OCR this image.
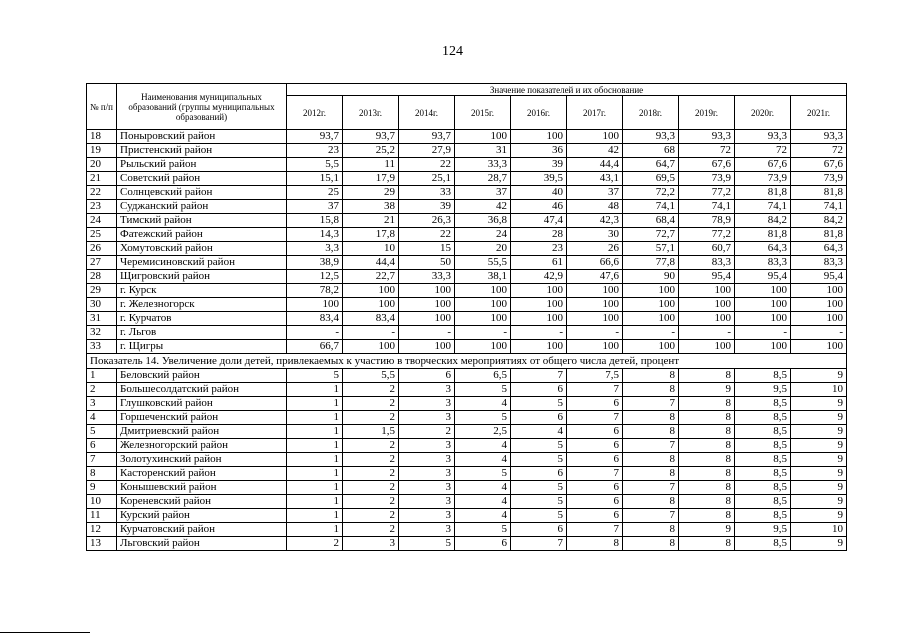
124
№ п/п	Наименования муниципальных образований (группы муниципальных образований)	Значение показателей и их обоснование									
		2012г.	2013г.	2014г.	2015г.	2016г.	2017г.	2018г.	2019г.	2020г.	2021г.
18	Поныровский район	93,7	93,7	93,7	100	100	100	93,3	93,3	93,3	93,3
19	Пристенский район	23	25,2	27,9	31	36	42	68	72	72	72
20	Рыльский район	5,5	11	22	33,3	39	44,4	64,7	67,6	67,6	67,6
21	Советский район	15,1	17,9	25,1	28,7	39,5	43,1	69,5	73,9	73,9	73,9
22	Солнцевский район	25	29	33	37	40	37	72,2	77,2	81,8	81,8
23	Суджанский район	37	38	39	42	46	48	74,1	74,1	74,1	74,1
24	Тимский район	15,8	21	26,3	36,8	47,4	42,3	68,4	78,9	84,2	84,2
25	Фатежский район	14,3	17,8	22	24	28	30	72,7	77,2	81,8	81,8
26	Хомутовский район	3,3	10	15	20	23	26	57,1	60,7	64,3	64,3
27	Черемисиновский район	38,9	44,4	50	55,5	61	66,6	77,8	83,3	83,3	83,3
28	Щигровский район	12,5	22,7	33,3	38,1	42,9	47,6	90	95,4	95,4	95,4
29	г. Курск	78,2	100	100	100	100	100	100	100	100	100
30	г. Железногорск	100	100	100	100	100	100	100	100	100	100
31	г. Курчатов	83,4	83,4	100	100	100	100	100	100	100	100
32	г. Льгов	-	-	-	-	-	-	-	-	-	-
33	г. Щигры	66,7	100	100	100	100	100	100	100	100	100
Показатель 14. Увеличение доли детей, привлекаемых к участию в творческих мероприятиях от общего числа детей, процент											
1	Беловский район	5	5,5	6	6,5	7	7,5	8	8	8,5	9
2	Большесолдатский район	1	2	3	5	6	7	8	9	9,5	10
3	Глушковский район	1	2	3	4	5	6	7	8	8,5	9
4	Горшеченский район	1	2	3	5	6	7	8	8	8,5	9
5	Дмитриевский район	1	1,5	2	2,5	4	6	8	8	8,5	9
6	Железногорский район	1	2	3	4	5	6	7	8	8,5	9
7	Золотухинский район	1	2	3	4	5	6	8	8	8,5	9
8	Касторенский район	1	2	3	5	6	7	8	8	8,5	9
9	Конышевский район	1	2	3	4	5	6	7	8	8,5	9
10	Кореневский район	1	2	3	4	5	6	8	8	8,5	9
11	Курский район	1	2	3	4	5	6	7	8	8,5	9
12	Курчатовский район	1	2	3	5	6	7	8	9	9,5	10
13	Льговский район	2	3	5	6	7	8	8	8	8,5	9
